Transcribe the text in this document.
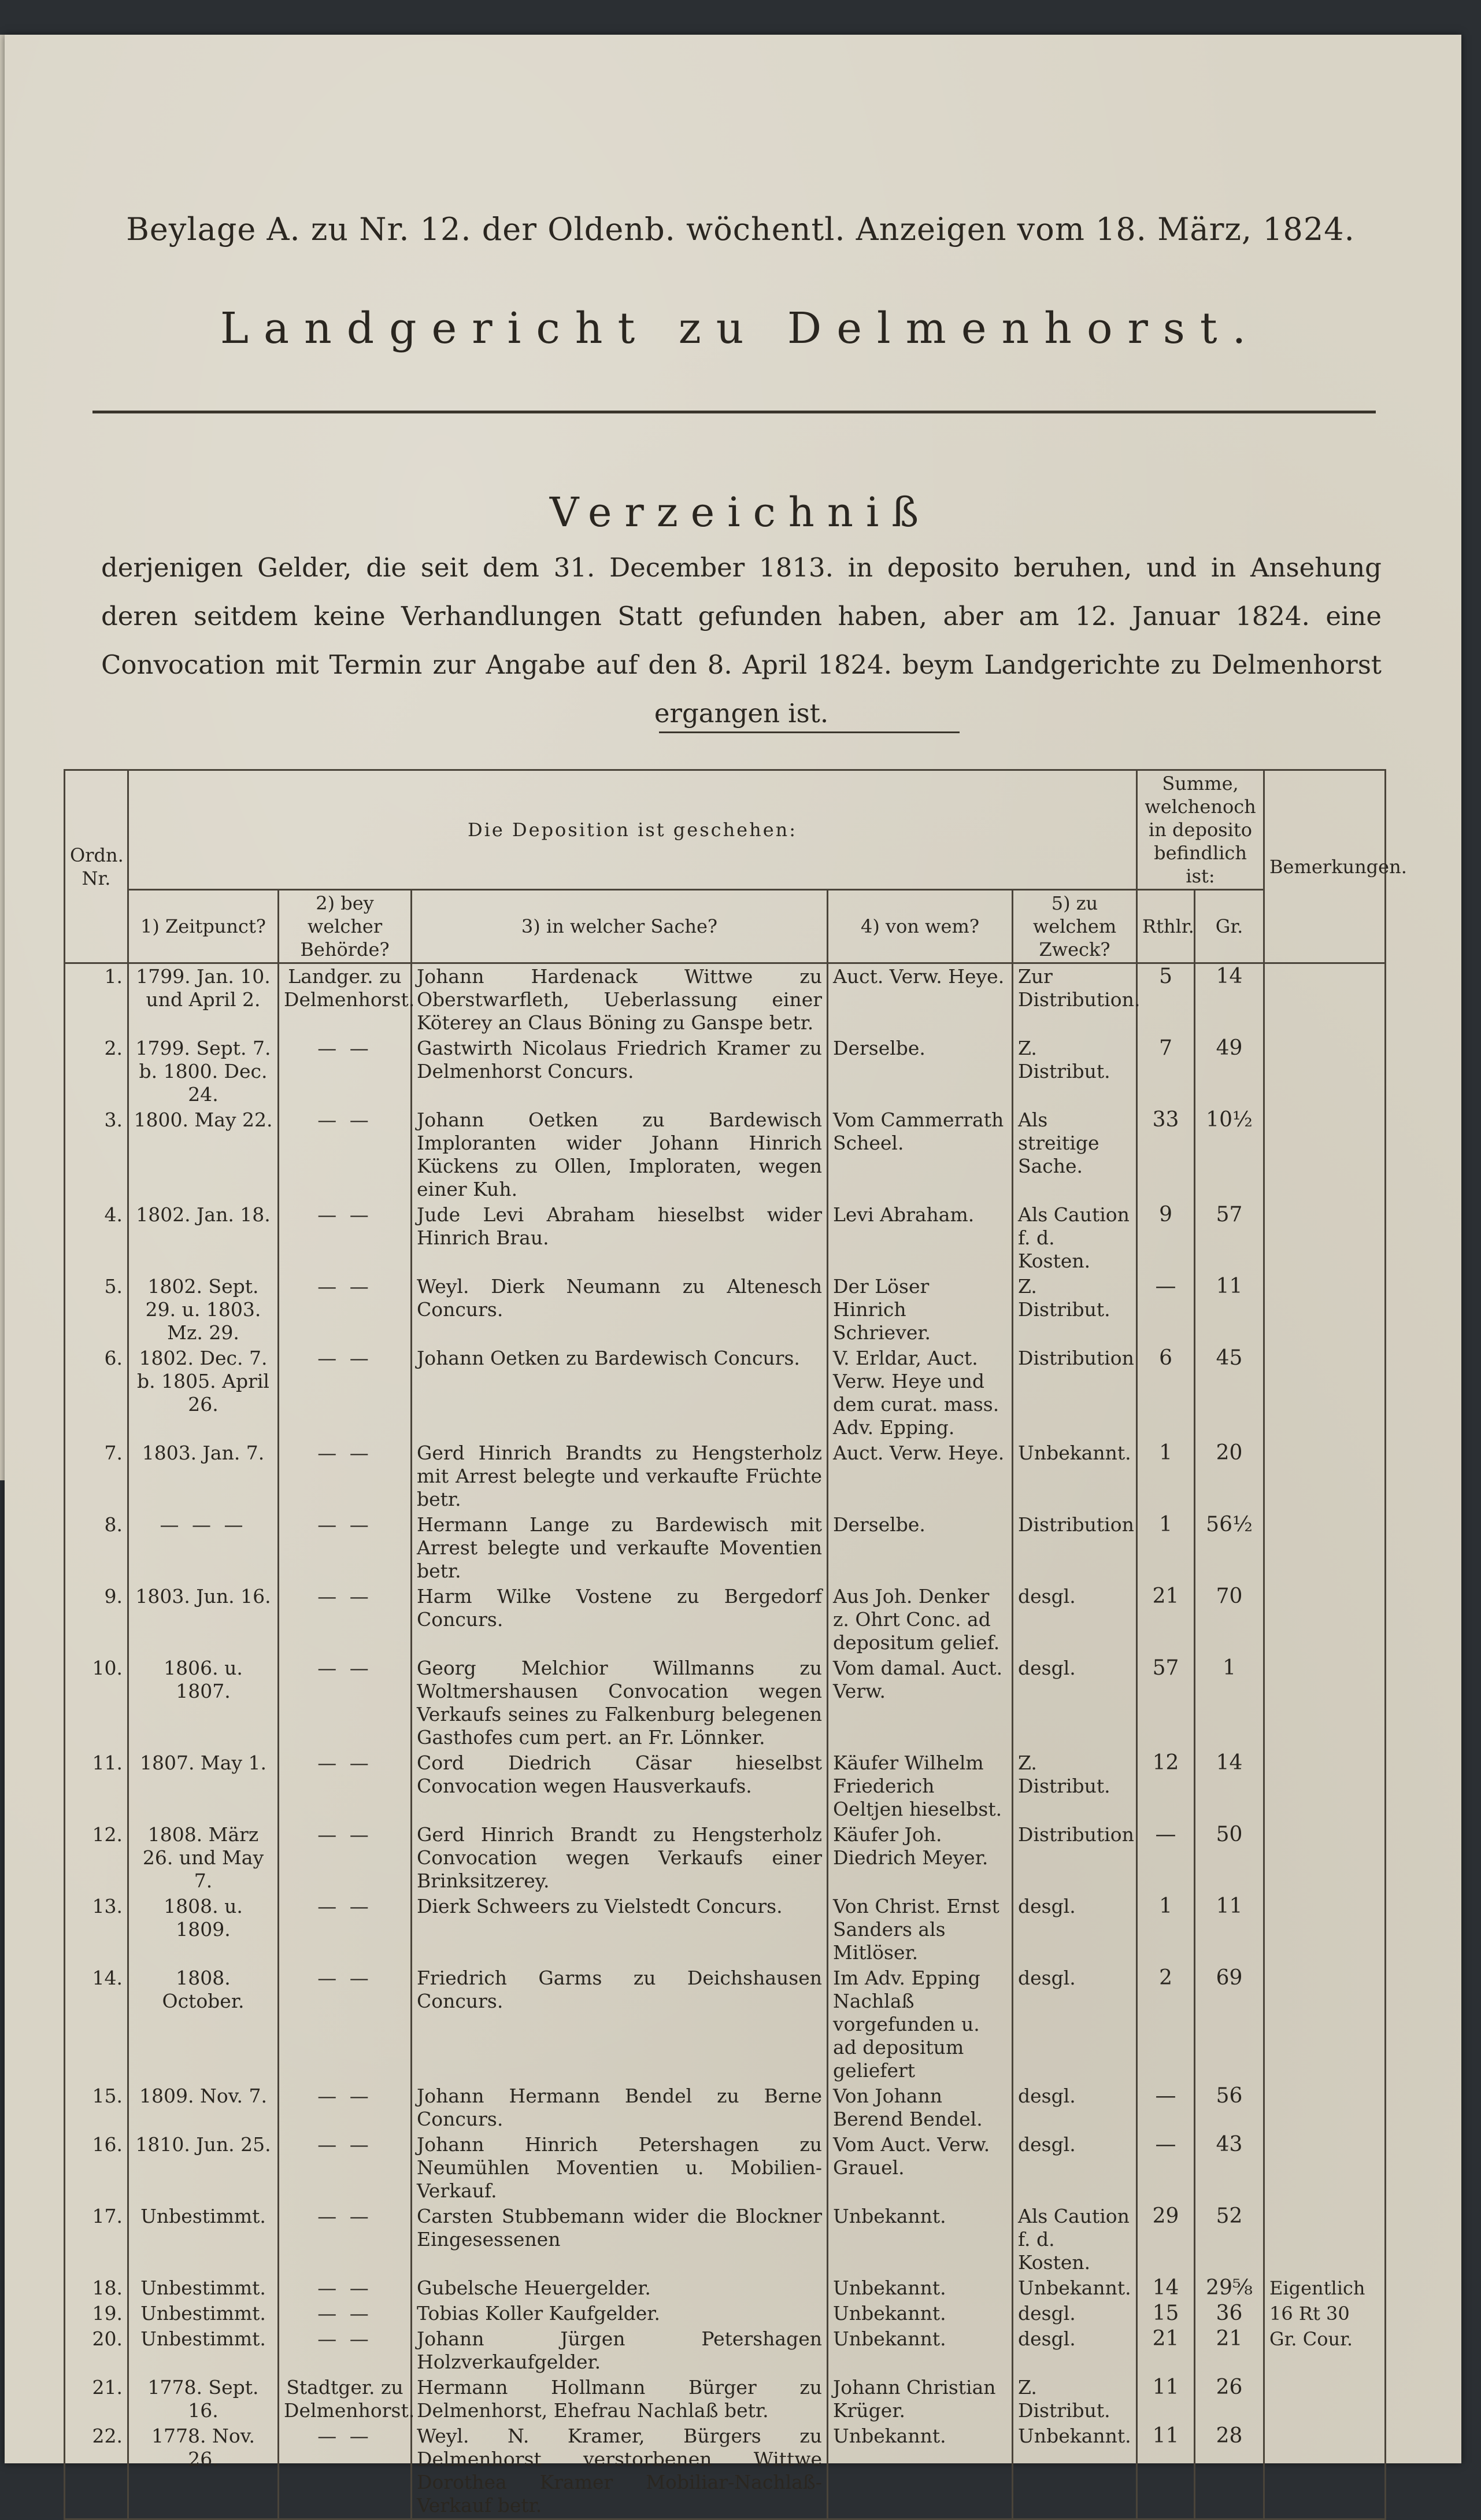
Beylage A. zu Nr. 12. der Oldenb. wöchentl. Anzeigen vom 18. März, 1824.
Landgericht zu Delmenhorst.
Verzeichniß
derjenigen Gelder, die seit dem 31. December 1813. in deposito beruhen, und in Ansehung deren seitdem keine Verhandlungen Statt gefunden haben, aber am 12. Januar 1824. eine Convocation mit Termin zur Angabe auf den 8. April 1824. beym Landgerichte zu Delmenhorst ergangen ist.
Ordn. Nr.	Die Deposition ist geschehen:					Summe, welchenoch in deposito befindlich ist:		Bemerkungen.
	1) Zeitpunct?	2) bey welcher Behörde?	3) in welcher Sache?	4) von wem?	5) zu welchem Zweck?	Rthlr.	Gr.	
1.	1799. Jan. 10. und April 2.	Landger. zu Delmenhorst.	Johann Hardenack Wittwe zu Oberstwarfleth, Ueberlassung einer Köterey an Claus Böning zu Ganspe betr.	Auct. Verw. Heye.	Zur Distribution.	5	14	
2.	1799. Sept. 7. b. 1800. Dec. 24.	— —	Gastwirth Nicolaus Friedrich Kramer zu Delmenhorst Concurs.	Derselbe.	Z. Distribut.	7	49	
3.	1800. May 22.	— —	Johann Oetken zu Bardewisch Imploranten wider Johann Hinrich Kückens zu Ollen, Imploraten, wegen einer Kuh.	Vom Cammerrath Scheel.	Als streitige Sache.	33	10½	
4.	1802. Jan. 18.	— —	Jude Levi Abraham hieselbst wider Hinrich Brau.	Levi Abraham.	Als Caution f. d. Kosten.	9	57	
5.	1802. Sept. 29. u. 1803. Mz. 29.	— —	Weyl. Dierk Neumann zu Altenesch Concurs.	Der Löser Hinrich Schriever.	Z. Distribut.	—	11	
6.	1802. Dec. 7. b. 1805. April 26.	— —	Johann Oetken zu Bardewisch Concurs.	V. Erldar, Auct. Verw. Heye und dem curat. mass. Adv. Epping.	Distribution	6	45	
7.	1803. Jan. 7.	— —	Gerd Hinrich Brandts zu Hengsterholz mit Arrest belegte und verkaufte Früchte betr.	Auct. Verw. Heye.	Unbekannt.	1	20	
8.	— — —	— —	Hermann Lange zu Bardewisch mit Arrest belegte und verkaufte Moventien betr.	Derselbe.	Distribution	1	56½	
9.	1803. Jun. 16.	— —	Harm Wilke Vostene zu Bergedorf Concurs.	Aus Joh. Denker z. Ohrt Conc. ad depositum gelief.	desgl.	21	70	
10.	1806. u. 1807.	— —	Georg Melchior Willmanns zu Woltmershausen Convocation wegen Verkaufs seines zu Falkenburg belegenen Gasthofes cum pert. an Fr. Lönnker.	Vom damal. Auct. Verw.	desgl.	57	1	
11.	1807. May 1.	— —	Cord Diedrich Cäsar hieselbst Convocation wegen Hausverkaufs.	Käufer Wilhelm Friederich Oeltjen hieselbst.	Z. Distribut.	12	14	
12.	1808. März 26. und May 7.	— —	Gerd Hinrich Brandt zu Hengsterholz Convocation wegen Verkaufs einer Brinksitzerey.	Käufer Joh. Diedrich Meyer.	Distribution	—	50	
13.	1808. u. 1809.	— —	Dierk Schweers zu Vielstedt Concurs.	Von Christ. Ernst Sanders als Mitlöser.	desgl.	1	11	
14.	1808. October.	— —	Friedrich Garms zu Deichshausen Concurs.	Im Adv. Epping Nachlaß vorgefunden u. ad depositum geliefert	desgl.	2	69	
15.	1809. Nov. 7.	— —	Johann Hermann Bendel zu Berne Concurs.	Von Johann Berend Bendel.	desgl.	—	56	
16.	1810. Jun. 25.	— —	Johann Hinrich Petershagen zu Neumühlen Moventien u. Mobilien-Verkauf.	Vom Auct. Verw. Grauel.	desgl.	—	43	
17.	Unbestimmt.	— —	Carsten Stubbemann wider die Blockner Eingesessenen	Unbekannt.	Als Caution f. d. Kosten.	29	52	
18.	Unbestimmt.	— —	Gubelsche Heuergelder.	Unbekannt.	Unbekannt.	14	29⅝	Eigentlich
19.	Unbestimmt.	— —	Tobias Koller Kaufgelder.	Unbekannt.	desgl.	15	36	16 Rt 30
20.	Unbestimmt.	— —	Johann Jürgen Petershagen Holzverkaufgelder.	Unbekannt.	desgl.	21	21	Gr. Cour.
21.	1778. Sept. 16.	Stadtger. zu Delmenhorst.	Hermann Hollmann Bürger zu Delmenhorst, Ehefrau Nachlaß betr.	Johann Christian Krüger.	Z. Distribut.	11	26	
22.	1778. Nov. 26.	— —	Weyl. N. Kramer, Bürgers zu Delmenhorst verstorbenen Wittwe Dorothea Kramer Mobiliar-Nachlaß-Verkauf betr.	Unbekannt.	Unbekannt.	11	28	
